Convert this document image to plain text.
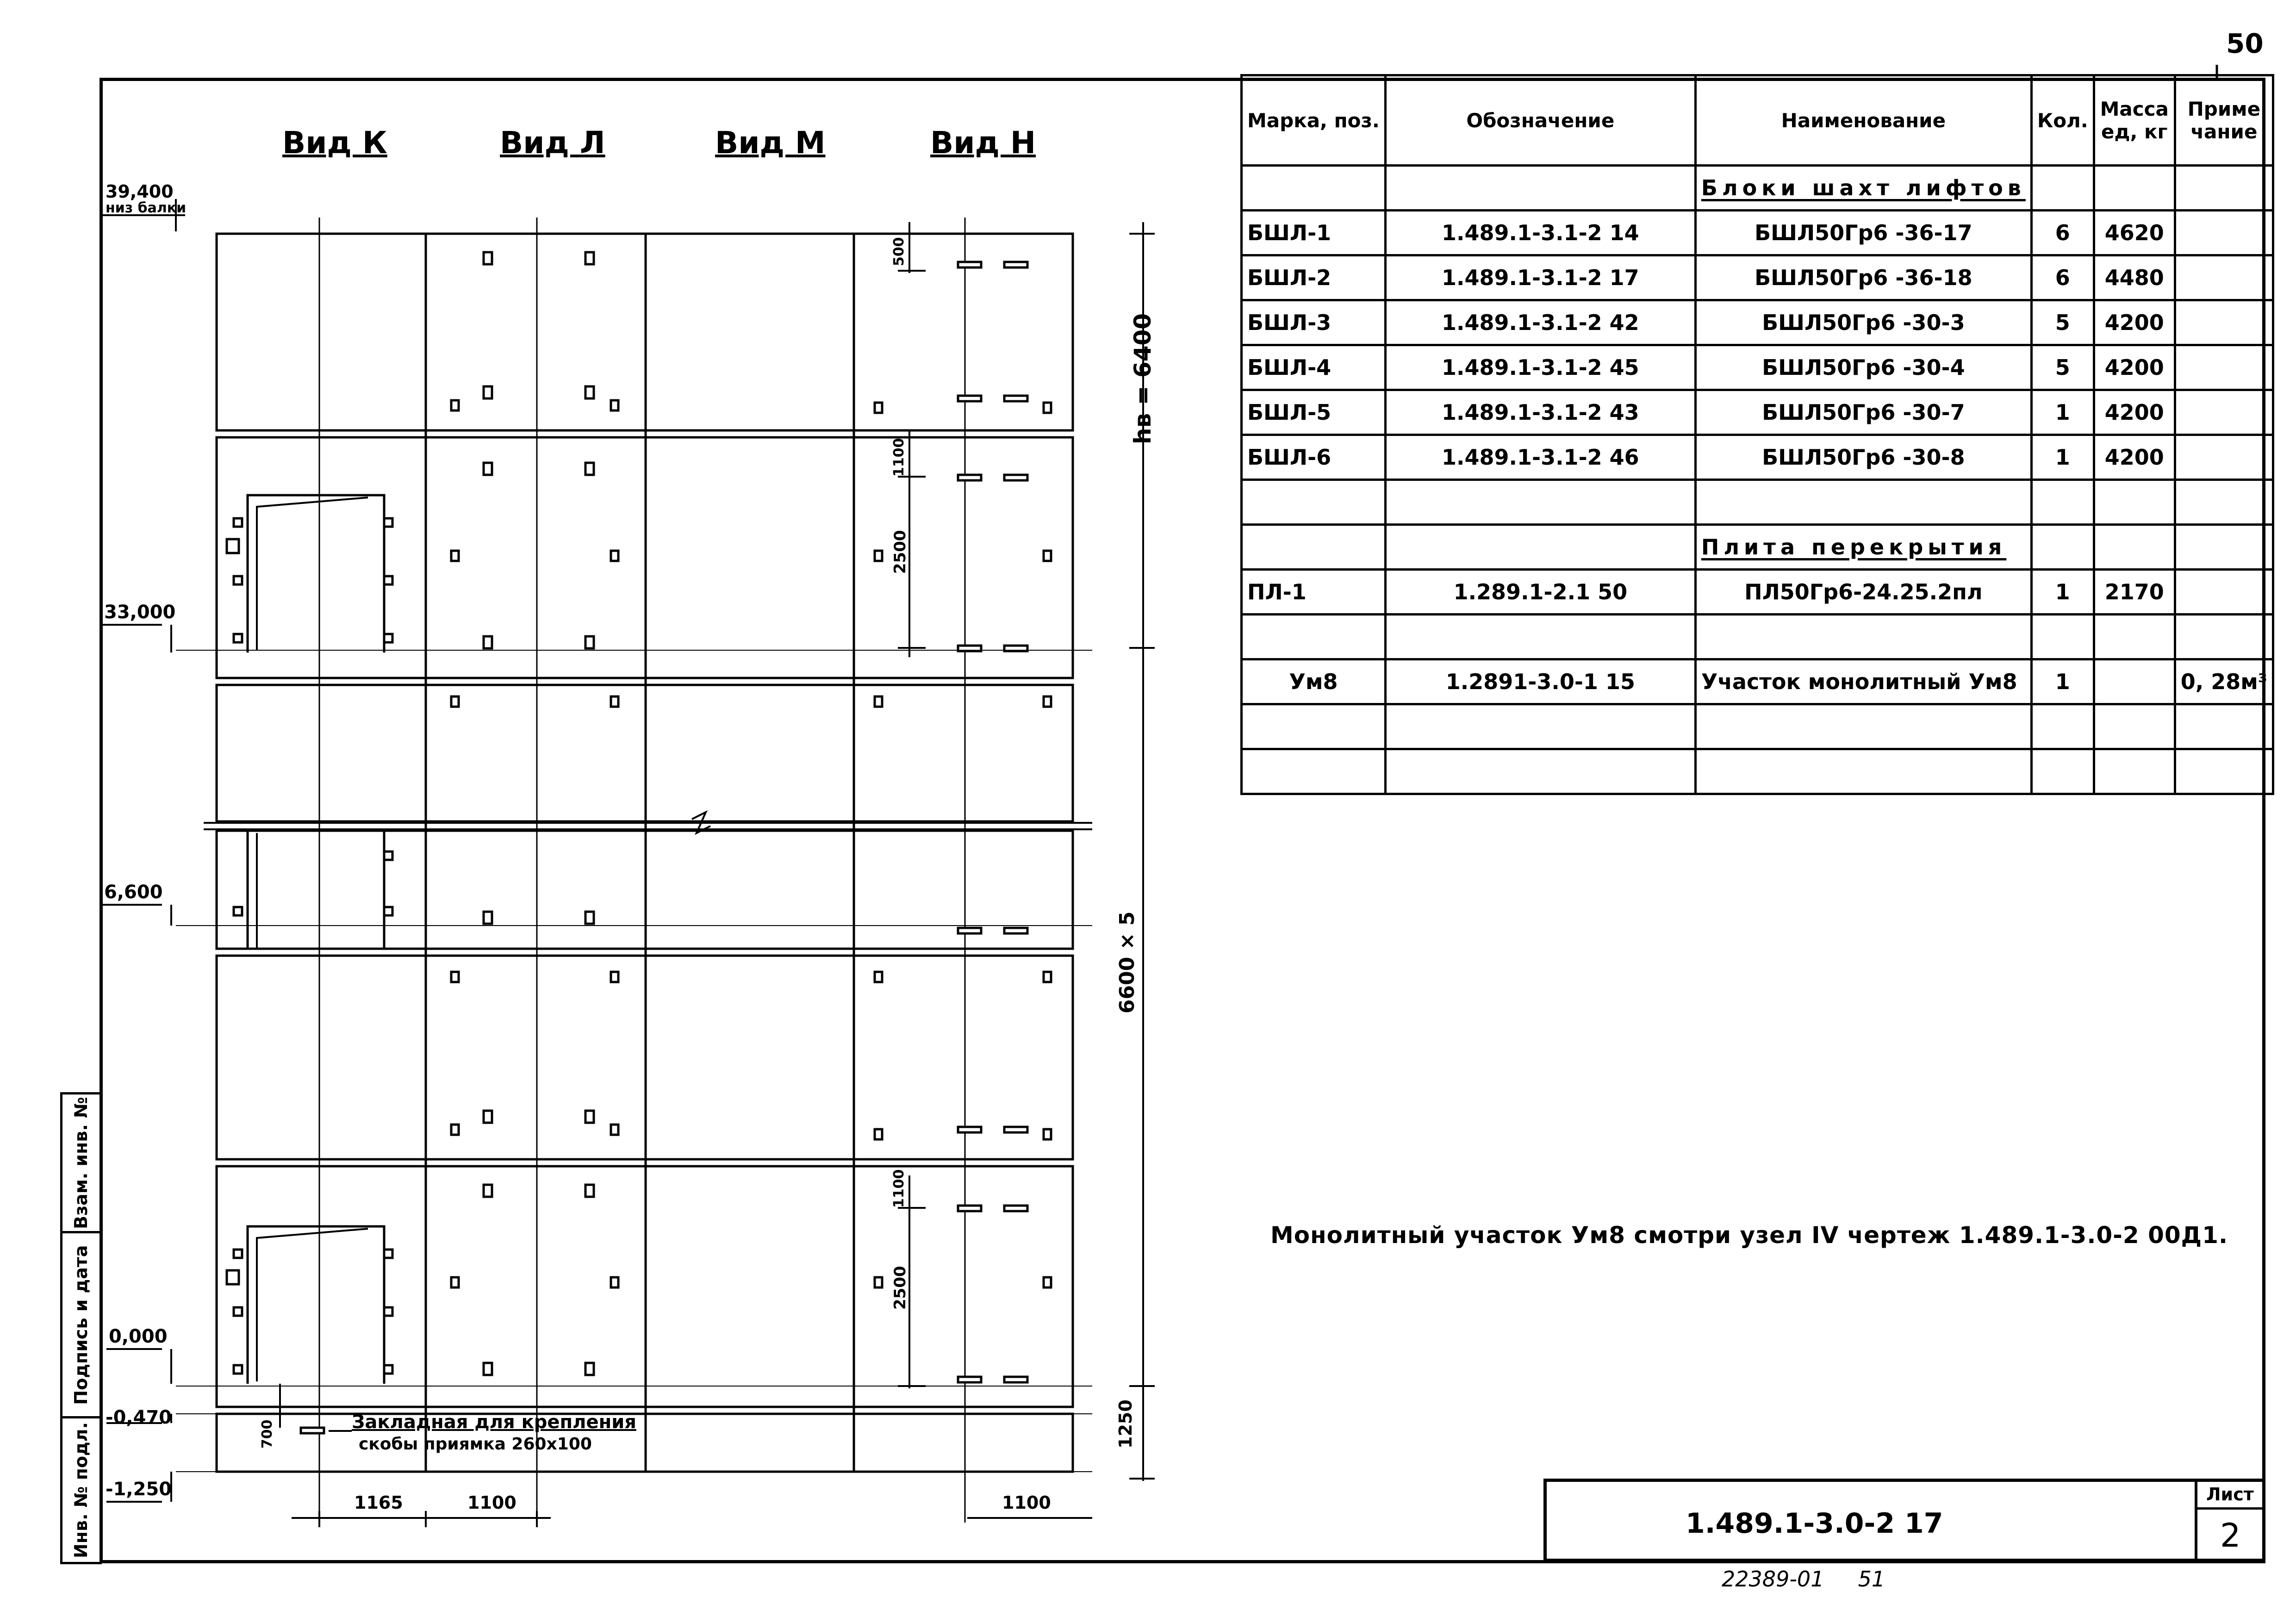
50
Взам. инв. №
Подпись и дата
Инв. № подл.
Вид К	Вид Л	Вид М	Вид Н
39,400
низ балки
33,000
6,600
0,000
-0,470
-1,250
hв = 6400
6600 × 5
1250
500
1100
2500
1100
2500
700
1165	1100	1100
Закладная для крепления
скобы приямка 260х100
Марка, поз.	Обозначение	Наименование	Кол.	Масса ед, кг	Приме чание
		Блоки шахт лифтов			
БШЛ-1	1.489.1-3.1-2 14	БШЛ50Гр6 -36-17	6	4620	
БШЛ-2	1.489.1-3.1-2 17	БШЛ50Гр6 -36-18	6	4480	
БШЛ-3	1.489.1-3.1-2 42	БШЛ50Гр6 -30-3	5	4200	
БШЛ-4	1.489.1-3.1-2 45	БШЛ50Гр6 -30-4	5	4200	
БШЛ-5	1.489.1-3.1-2 43	БШЛ50Гр6 -30-7	1	4200	
БШЛ-6	1.489.1-3.1-2 46	БШЛ50Гр6 -30-8	1	4200	

		Плита перекрытия			
ПЛ-1	1.289.1-2.1 50	ПЛ50Гр6-24.25.2пл	1	2170	

Ум8	1.2891-3.0-1 15	Участок монолитный Ум8	1		0, 28м³

Монолитный участок Ум8 смотри узел IV чертеж 1.489.1-3.0-2 00Д1.
1.489.1-3.0-2 17
Лист
2
22389-01     51
